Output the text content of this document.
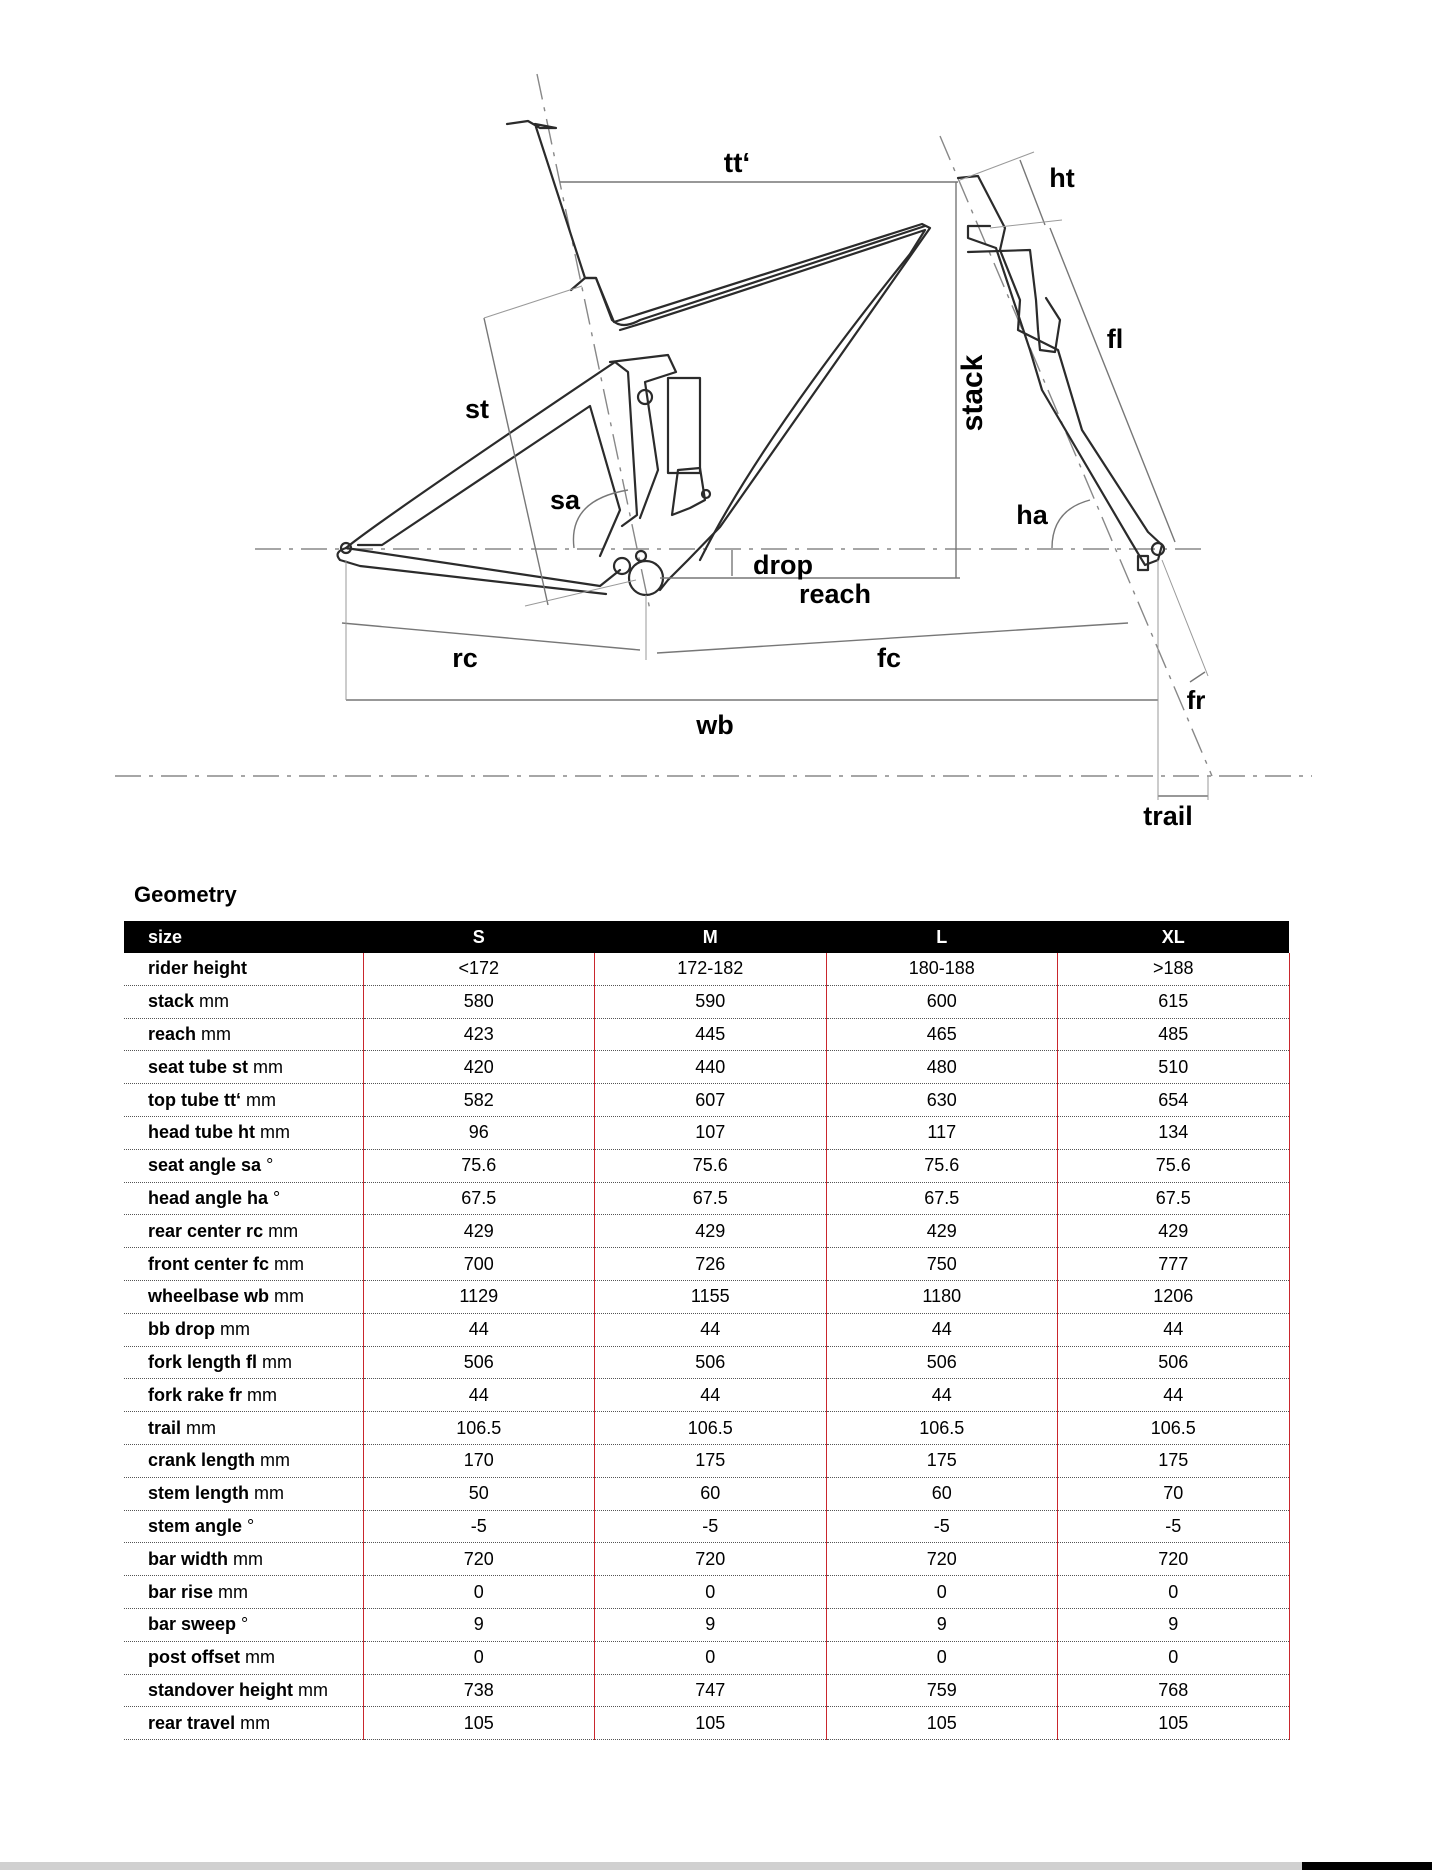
tt‘	ht
fl
st	stack
sa	ha
drop
reach
rc	fc
fr
wb
trail
Geometry
size	S	M	L	XL
rider height	<172	172-182	180-188	>188
stack mm	580	590	600	615
reach mm	423	445	465	485
seat tube st mm	420	440	480	510
top tube tt‘ mm	582	607	630	654
head tube ht mm	96	107	117	134
seat angle sa °	75.6	75.6	75.6	75.6
head angle ha °	67.5	67.5	67.5	67.5
rear center rc mm	429	429	429	429
front center fc mm	700	726	750	777
wheelbase wb mm	1129	1155	1180	1206
bb drop mm	44	44	44	44
fork length fl mm	506	506	506	506
fork rake fr mm	44	44	44	44
trail mm	106.5	106.5	106.5	106.5
crank length mm	170	175	175	175
stem length mm	50	60	60	70
stem angle °	-5	-5	-5	-5
bar width mm	720	720	720	720
bar rise mm	0	0	0	0
bar sweep °	9	9	9	9
post offset mm	0	0	0	0
standover height mm	738	747	759	768
rear travel mm	105	105	105	105
